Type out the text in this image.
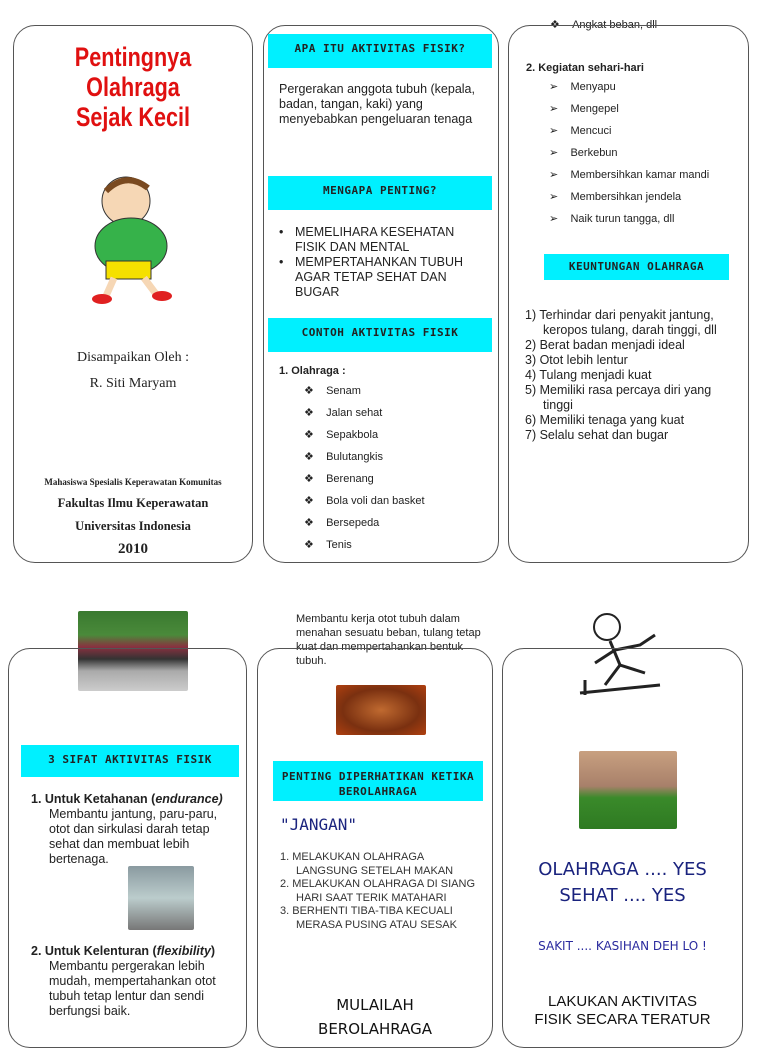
Pentingnya Olahraga
Sejak Kecil
Disampaikan Oleh :
R. Siti Maryam
Mahasiswa Spesialis Keperawatan Komunitas
Fakultas Ilmu Keperawatan
Universitas Indonesia
2010
APA ITU AKTIVITAS FISIK?
Pergerakan anggota tubuh (kepala, badan, tangan, kaki) yang menyebabkan pengeluaran tenaga
MENGAPA PENTING?
• MEMELIHARA KESEHATAN FISIK DAN MENTAL
• MEMPERTAHANKAN TUBUH AGAR TETAP SEHAT DAN BUGAR
CONTOH AKTIVITAS FISIK
1. Olahraga :
❖    Senam
❖    Jalan sehat
❖    Sepakbola
❖    Bulutangkis
❖    Berenang
❖    Bola voli dan basket
❖    Bersepeda
❖    Tenis
❖    Angkat beban, dll
2. Kegiatan sehari-hari
➢    Menyapu
➢    Mengepel
➢    Mencuci
➢    Berkebun
➢    Membersihkan kamar mandi
➢    Membersihkan jendela
➢    Naik turun tangga, dll
KEUNTUNGAN OLAHRAGA
1) Terhindar dari penyakit jantung, keropos tulang, darah tinggi, dll
2) Berat badan menjadi ideal
3) Otot lebih lentur
4) Tulang menjadi kuat
5) Memiliki rasa percaya diri yang tinggi
6) Memiliki tenaga yang kuat
7) Selalu sehat dan bugar
3 SIFAT AKTIVITAS FISIK
1. Untuk Ketahanan (endurance)
Membantu jantung, paru-paru, otot dan sirkulasi darah tetap sehat dan membuat lebih bertenaga.
2. Untuk Kelenturan (flexibility)
Membantu pergerakan lebih mudah, mempertahankan otot tubuh tetap lentur dan sendi berfungsi baik.
Membantu kerja otot tubuh dalam menahan sesuatu beban, tulang tetap kuat dan mempertahankan bentuk tubuh.
PENTING DIPERHATIKAN KETIKA BEROLAHRAGA
"JANGAN"
1. MELAKUKAN OLAHRAGA LANGSUNG SETELAH MAKAN
2. MELAKUKAN OLAHRAGA DI SIANG HARI SAAT TERIK MATAHARI
3. BERHENTI TIBA-TIBA KECUALI MERASA PUSING ATAU SESAK
MULAILAH
BEROLAHRAGA
OLAHRAGA .... YES
SEHAT .... YES
SAKIT .... KASIHAN DEH LO !
LAKUKAN AKTIVITAS
FISIK SECARA TERATUR
